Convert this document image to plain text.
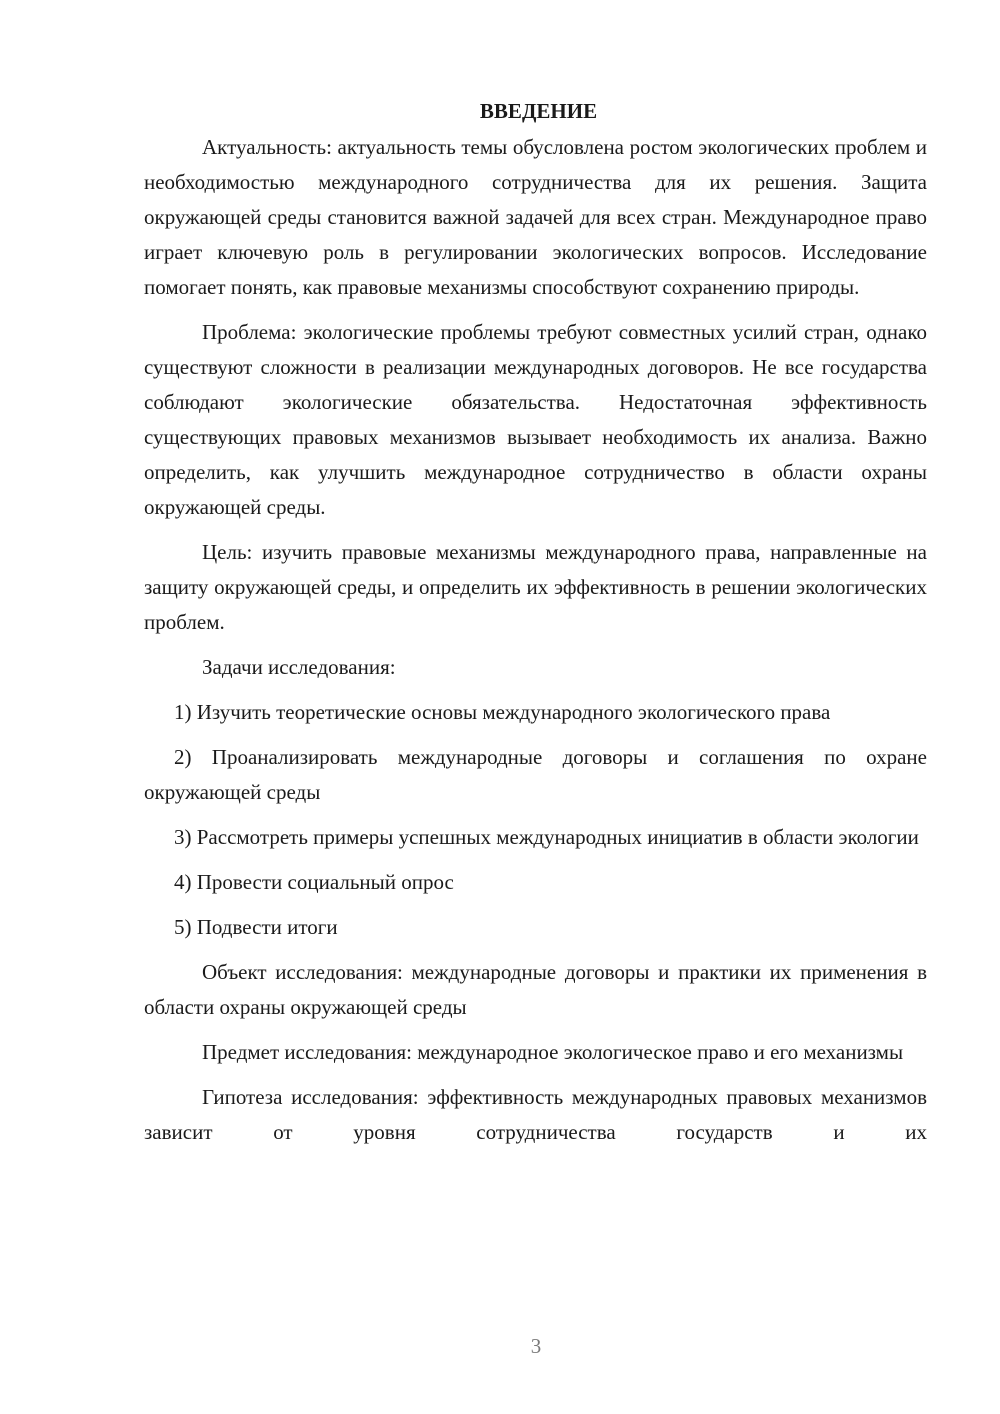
ВВЕДЕНИЕ

Актуальность: актуальность темы обусловлена ростом экологических проблем и необходимостью международного сотрудничества для их решения. Защита окружающей среды становится важной задачей для всех стран. Международное право играет ключевую роль в регулировании экологических вопросов. Исследование помогает понять, как правовые механизмы способствуют сохранению природы.

Проблема: экологические проблемы требуют совместных усилий стран, однако существуют сложности в реализации международных договоров. Не все государства соблюдают экологические обязательства. Недостаточная эффективность существующих правовых механизмов вызывает необходимость их анализа. Важно определить, как улучшить международное сотрудничество в области охраны окружающей среды.

Цель: изучить правовые механизмы международного права, направленные на защиту окружающей среды, и определить их эффективность в решении экологических проблем.

Задачи исследования:

1) Изучить теоретические основы международного экологического права

2) Проанализировать международные договоры и соглашения по охране окружающей среды

3) Рассмотреть примеры успешных международных инициатив в области экологии

4) Провести социальный опрос

5) Подвести итоги

Объект исследования: международные договоры и практики их применения в области охраны окружающей среды

Предмет исследования: международное экологическое право и его механизмы

Гипотеза исследования: эффективность международных правовых механизмов зависит от уровня сотрудничества государств и их

3
